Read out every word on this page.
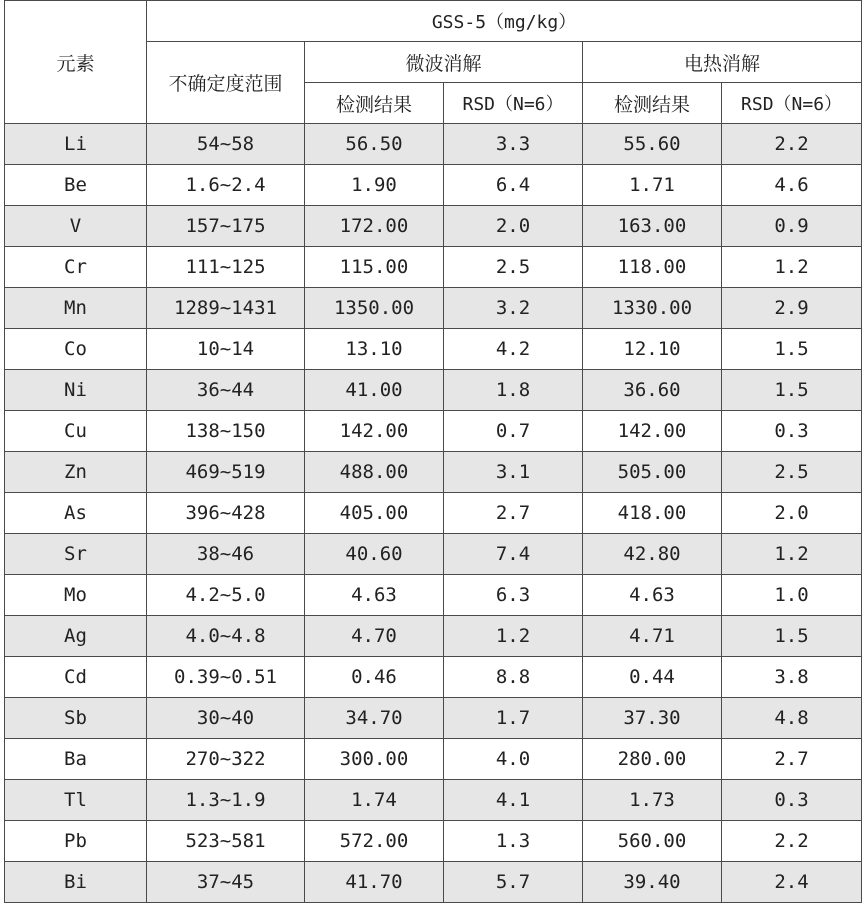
元素	GSS-5（mg/kg）				
	不确定度范围	微波消解		电热消解	
		检测结果	RSD（N=6）	检测结果	RSD（N=6）
Li	54~58	56.50	3.3	55.60	2.2
Be	1.6~2.4	1.90	6.4	1.71	4.6
V	157~175	172.00	2.0	163.00	0.9
Cr	111~125	115.00	2.5	118.00	1.2
Mn	1289~1431	1350.00	3.2	1330.00	2.9
Co	10~14	13.10	4.2	12.10	1.5
Ni	36~44	41.00	1.8	36.60	1.5
Cu	138~150	142.00	0.7	142.00	0.3
Zn	469~519	488.00	3.1	505.00	2.5
As	396~428	405.00	2.7	418.00	2.0
Sr	38~46	40.60	7.4	42.80	1.2
Mo	4.2~5.0	4.63	6.3	4.63	1.0
Ag	4.0~4.8	4.70	1.2	4.71	1.5
Cd	0.39~0.51	0.46	8.8	0.44	3.8
Sb	30~40	34.70	1.7	37.30	4.8
Ba	270~322	300.00	4.0	280.00	2.7
Tl	1.3~1.9	1.74	4.1	1.73	0.3
Pb	523~581	572.00	1.3	560.00	2.2
Bi	37~45	41.70	5.7	39.40	2.4
